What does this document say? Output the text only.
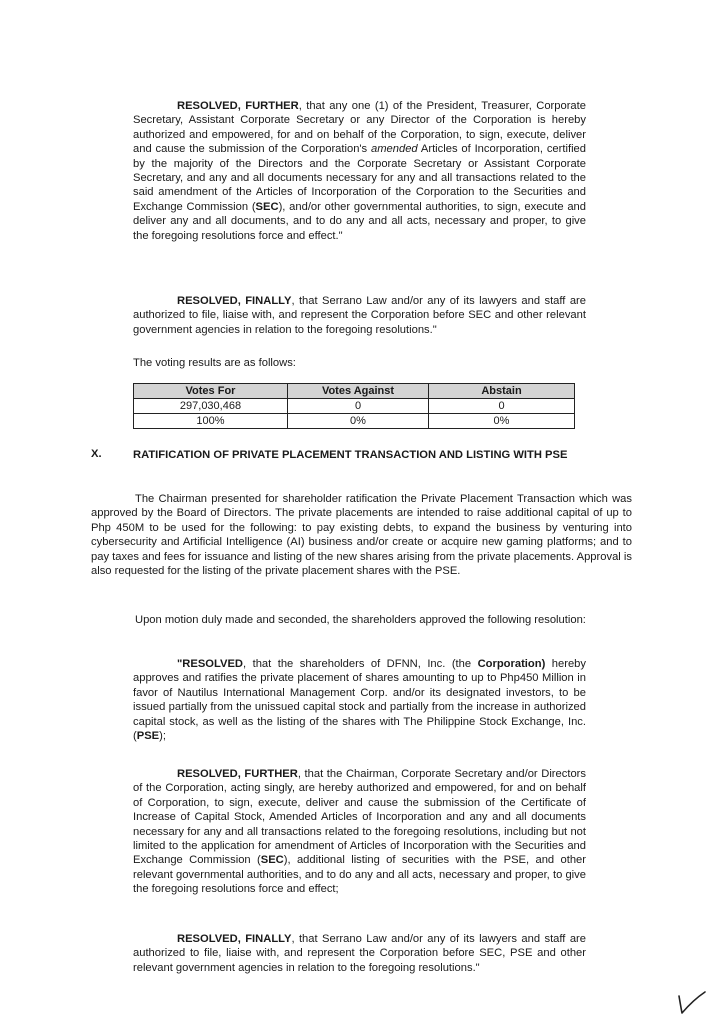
RESOLVED, FURTHER, that any one (1) of the President, Treasurer, Corporate Secretary, Assistant Corporate Secretary or any Director of the Corporation is hereby authorized and empowered, for and on behalf of the Corporation, to sign, execute, deliver and cause the submission of the Corporation's amended Articles of Incorporation, certified by the majority of the Directors and the Corporate Secretary or Assistant Corporate Secretary, and any and all documents necessary for any and all transactions related to the said amendment of the Articles of Incorporation of the Corporation to the Securities and Exchange Commission (SEC), and/or other governmental authorities, to sign, execute and deliver any and all documents, and to do any and all acts, necessary and proper, to give the foregoing resolutions force and effect."
RESOLVED, FINALLY, that Serrano Law and/or any of its lawyers and staff are authorized to file, liaise with, and represent the Corporation before SEC and other relevant government agencies in relation to the foregoing resolutions."
The voting results are as follows:
Votes For	Votes Against	Abstain
297,030,468	0	0
100%	0%	0%
X.	RATIFICATION OF PRIVATE PLACEMENT TRANSACTION AND LISTING WITH PSE
The Chairman presented for shareholder ratification the Private Placement Transaction which was approved by the Board of Directors. The private placements are intended to raise additional capital of up to Php 450M to be used for the following: to pay existing debts, to expand the business by venturing into cybersecurity and Artificial Intelligence (AI) business and/or create or acquire new gaming platforms; and to pay taxes and fees for issuance and listing of the new shares arising from the private placements. Approval is also requested for the listing of the private placement shares with the PSE.
Upon motion duly made and seconded, the shareholders approved the following resolution:
"RESOLVED, that the shareholders of DFNN, Inc. (the Corporation) hereby approves and ratifies the private placement of shares amounting to up to Php450 Million in favor of Nautilus International Management Corp. and/or its designated investors, to be issued partially from the unissued capital stock and partially from the increase in authorized capital stock, as well as the listing of the shares with The Philippine Stock Exchange, Inc. (PSE);
RESOLVED, FURTHER, that the Chairman, Corporate Secretary and/or Directors of the Corporation, acting singly, are hereby authorized and empowered, for and on behalf of Corporation, to sign, execute, deliver and cause the submission of the Certificate of Increase of Capital Stock, Amended Articles of Incorporation and any and all documents necessary for any and all transactions related to the foregoing resolutions, including but not limited to the application for amendment of Articles of Incorporation with the Securities and Exchange Commission (SEC), additional listing of securities with the PSE, and other relevant governmental authorities, and to do any and all acts, necessary and proper, to give the foregoing resolutions force and effect;
RESOLVED, FINALLY, that Serrano Law and/or any of its lawyers and staff are authorized to file, liaise with, and represent the Corporation before SEC, PSE and other relevant government agencies in relation to the foregoing resolutions."
